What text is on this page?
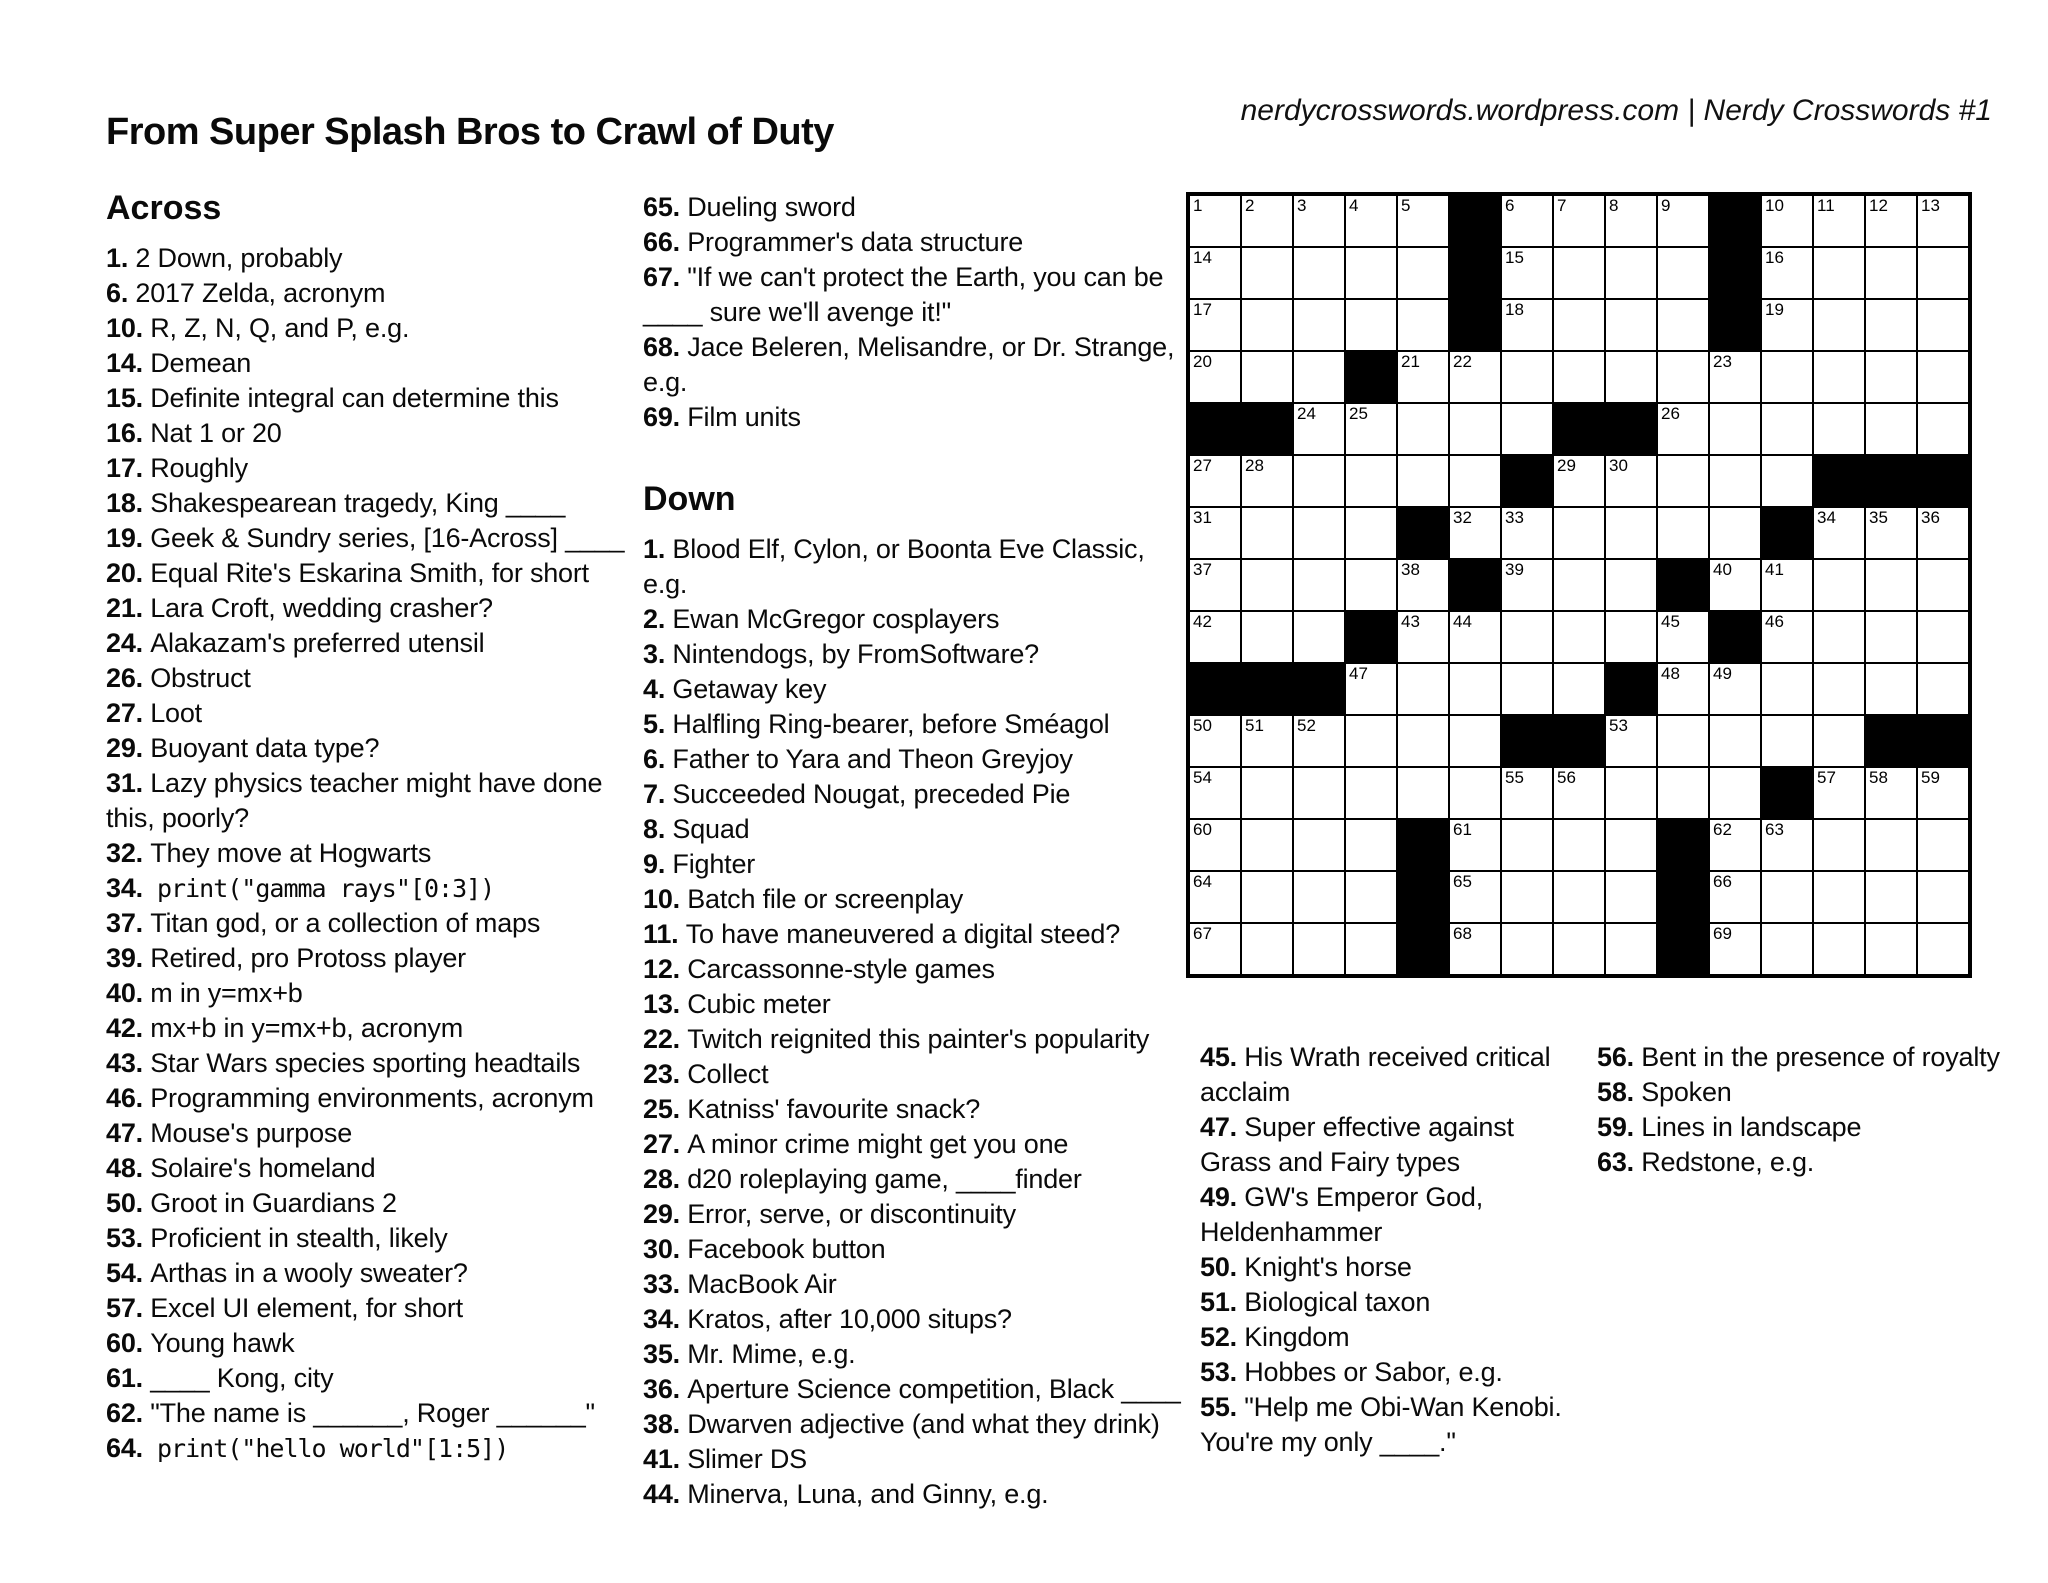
From Super Splash Bros to Crawl of Duty
nerdycrosswords.wordpress.com | Nerdy Crosswords #1
Across
1. 2 Down, probably
6. 2017 Zelda, acronym
10. R, Z, N, Q, and P, e.g.
14. Demean
15. Definite integral can determine this
16. Nat 1 or 20
17. Roughly
18. Shakespearean tragedy, King ____
19. Geek & Sundry series, [16-Across] ____
20. Equal Rite's Eskarina Smith, for short
21. Lara Croft, wedding crasher?
24. Alakazam's preferred utensil
26. Obstruct
27. Loot
29. Buoyant data type?
31. Lazy physics teacher might have done this, poorly?
32. They move at Hogwarts
34. print("gamma rays"[0:3])
37. Titan god, or a collection of maps
39. Retired, pro Protoss player
40. m in y=mx+b
42. mx+b in y=mx+b, acronym
43. Star Wars species sporting headtails
46. Programming environments, acronym
47. Mouse's purpose
48. Solaire's homeland
50. Groot in Guardians 2
53. Proficient in stealth, likely
54. Arthas in a wooly sweater?
57. Excel UI element, for short
60. Young hawk
61. ____ Kong, city
62. "The name is ______, Roger ______"
64. print("hello world"[1:5])
65. Dueling sword
66. Programmer's data structure
67. "If we can't protect the Earth, you can be ____ sure we'll avenge it!"
68. Jace Beleren, Melisandre, or Dr. Strange, e.g.
69. Film units
Down
1. Blood Elf, Cylon, or Boonta Eve Classic, e.g.
2. Ewan McGregor cosplayers
3. Nintendogs, by FromSoftware?
4. Getaway key
5. Halfling Ring-bearer, before Sméagol
6. Father to Yara and Theon Greyjoy
7. Succeeded Nougat, preceded Pie
8. Squad
9. Fighter
10. Batch file or screenplay
11. To have maneuvered a digital steed?
12. Carcassonne-style games
13. Cubic meter
22. Twitch reignited this painter's popularity
23. Collect
25. Katniss' favourite snack?
27. A minor crime might get you one
28. d20 roleplaying game, ____finder
29. Error, serve, or discontinuity
30. Facebook button
33. MacBook Air
34. Kratos, after 10,000 situps?
35. Mr. Mime, e.g.
36. Aperture Science competition, Black ____
38. Dwarven adjective (and what they drink)
41. Slimer DS
44. Minerva, Luna, and Ginny, e.g.
1	2	3	4	5	6	7	8	9	10 11 12 13
14	15	16
17	18	19
20	21 22	23
24 25	26
27 28	29 30
31	32 33	34 35 36
37	38	39	40 41
42	43 44	45	46
47	48 49
50 51 52	53
54	55 56	57 58 59
60	61	62 63
64	65	66
67	68	69
45. His Wrath received critical acclaim
47. Super effective against Grass and Fairy types
49. GW's Emperor God, Heldenhammer
50. Knight's horse
51. Biological taxon
52. Kingdom
53. Hobbes or Sabor, e.g.
55. "Help me Obi-Wan Kenobi. You're my only ____."
56. Bent in the presence of royalty
58. Spoken
59. Lines in landscape
63. Redstone, e.g.
